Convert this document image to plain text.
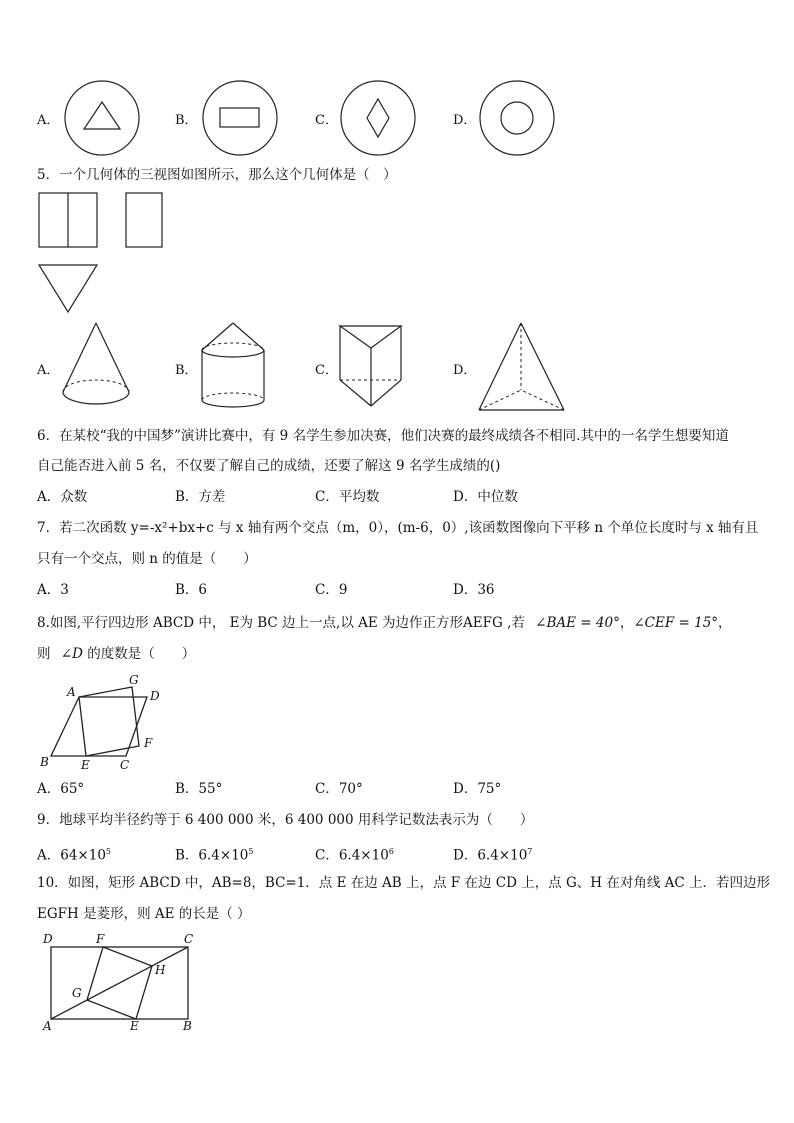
A．	B．	C．	D．
5．一个几何体的三视图如图所示，那么这个几何体是（　）
A．	B．	C．	D．
6．在某校“我的中国梦”演讲比赛中，有 9 名学生参加决赛，他们决赛的最终成绩各不相同.其中的一名学生想要知道
自己能否进入前 5 名，不仅要了解自己的成绩，还要了解这 9 名学生成绩的()
A．众数	B．方差	C．平均数	D．中位数
7．若二次函数 y=-x²+bx+c 与 x 轴有两个交点（m，0），(m-6，0）,该函数图像向下平移 n 个单位长度时与 x 轴有且
只有一个交点，则 n 的值是（　　）
A．3	B．6	C．9	D．36
8.如图,平行四边形 ABCD 中， E为 BC 边上一点,以 AE 为边作正方形AEFG ,若 ∠BAE = 40°，∠CEF = 15°，
则 ∠D 的度数是（　　）
A
G
D
F
B	E	C
A．65°	B．55°	C．70°	D．75°
9．地球平均半径约等于 6 400 000 米，6 400 000 用科学记数法表示为（　　）
A．$64\times 10^5$	B．$6.4\times 10^5$	C．$6.4\times 10^6$	D．$6.4\times 10^7$
10．如图，矩形 ABCD 中，AB=8，BC=1．点 E 在边 AB 上，点 F 在边 CD 上，点 G、H 在对角线 AC 上．若四边形
EGFH 是菱形，则 AE 的长是（ ）
D	F	C
H
G
A	E	B
